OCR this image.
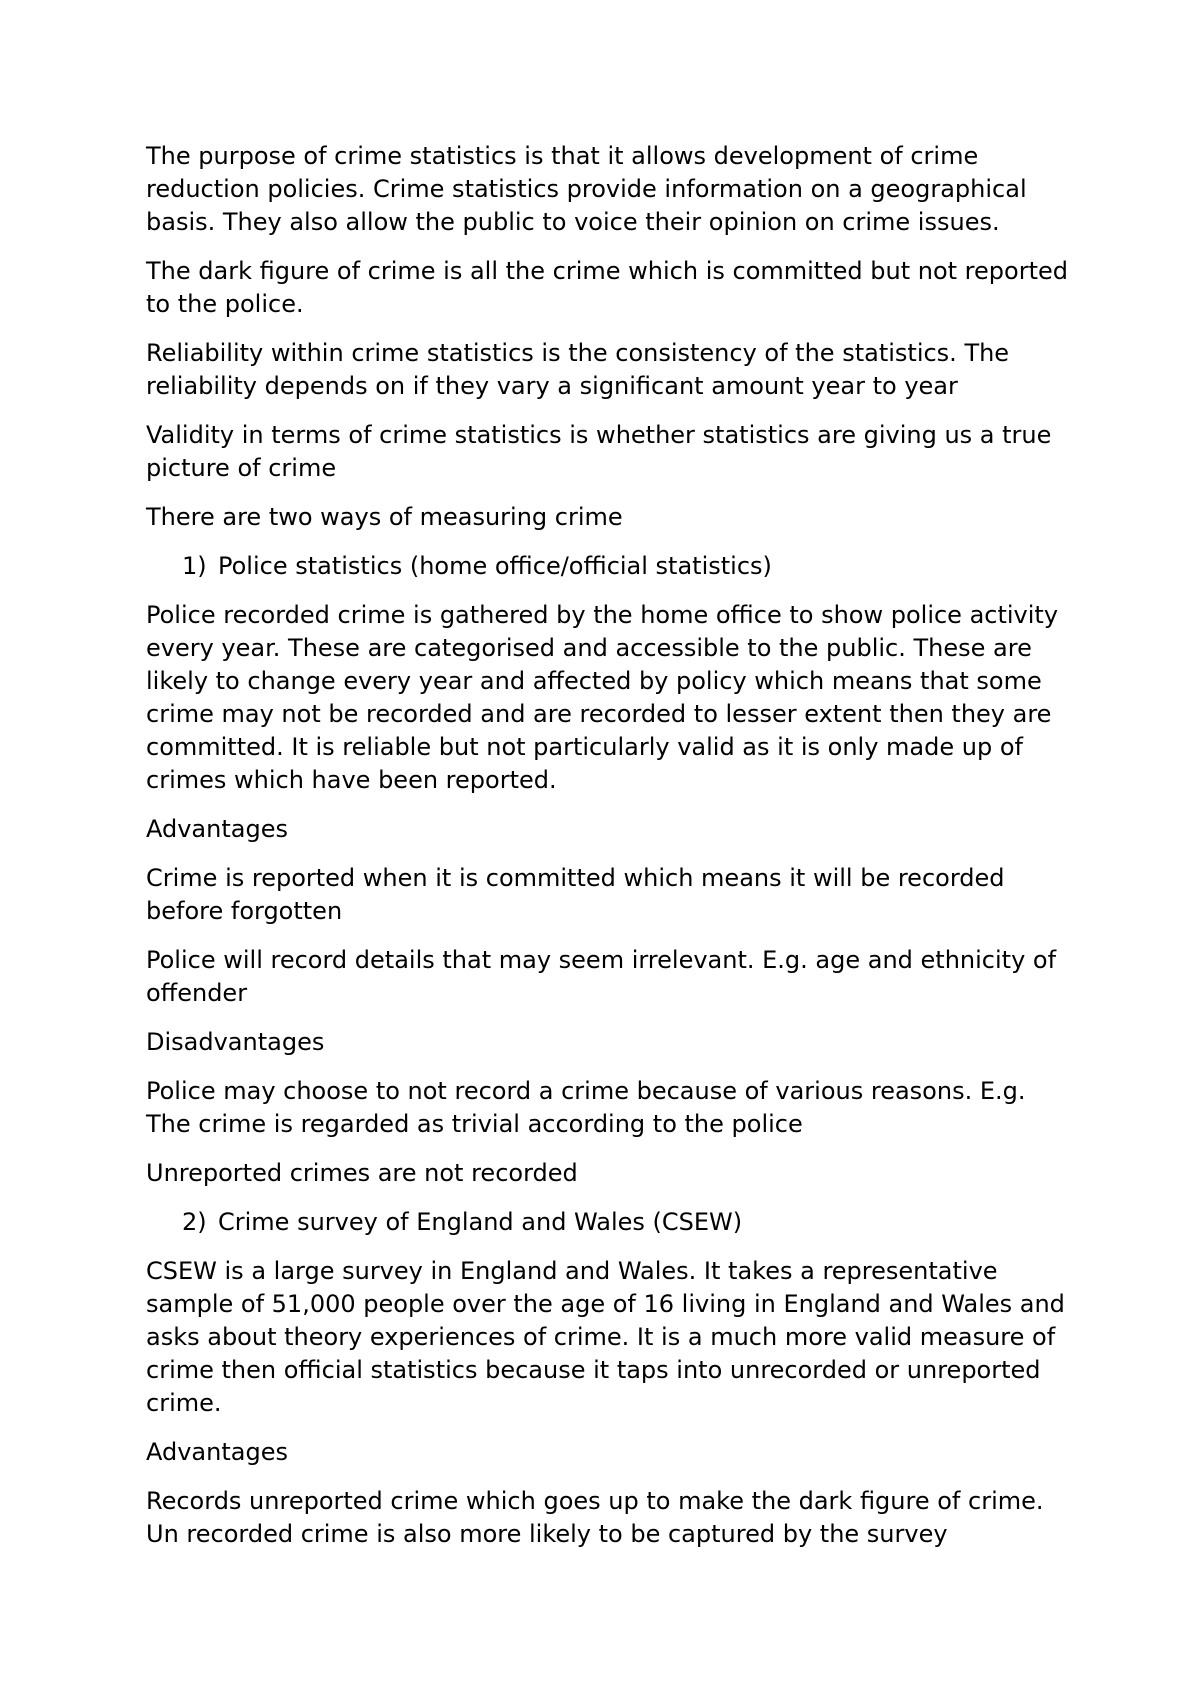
The purpose of crime statistics is that it allows development of crime reduction policies. Crime statistics provide information on a geographical basis. They also allow the public to voice their opinion on crime issues.

The dark figure of crime is all the crime which is committed but not reported to the police.

Reliability within crime statistics is the consistency of the statistics. The reliability depends on if they vary a significant amount year to year

Validity in terms of crime statistics is whether statistics are giving us a true picture of crime

There are two ways of measuring crime

1) Police statistics (home office/official statistics)

Police recorded crime is gathered by the home office to show police activity every year. These are categorised and accessible to the public. These are likely to change every year and affected by policy which means that some crime may not be recorded and are recorded to lesser extent then they are committed. It is reliable but not particularly valid as it is only made up of crimes which have been reported.

Advantages

Crime is reported when it is committed which means it will be recorded before forgotten

Police will record details that may seem irrelevant. E.g. age and ethnicity of offender

Disadvantages

Police may choose to not record a crime because of various reasons. E.g. The crime is regarded as trivial according to the police

Unreported crimes are not recorded

2) Crime survey of England and Wales (CSEW)

CSEW is a large survey in England and Wales. It takes a representative sample of 51,000 people over the age of 16 living in England and Wales and asks about theory experiences of crime. It is a much more valid measure of crime then official statistics because it taps into unrecorded or unreported crime.

Advantages

Records unreported crime which goes up to make the dark figure of crime. Un recorded crime is also more likely to be captured by the survey
